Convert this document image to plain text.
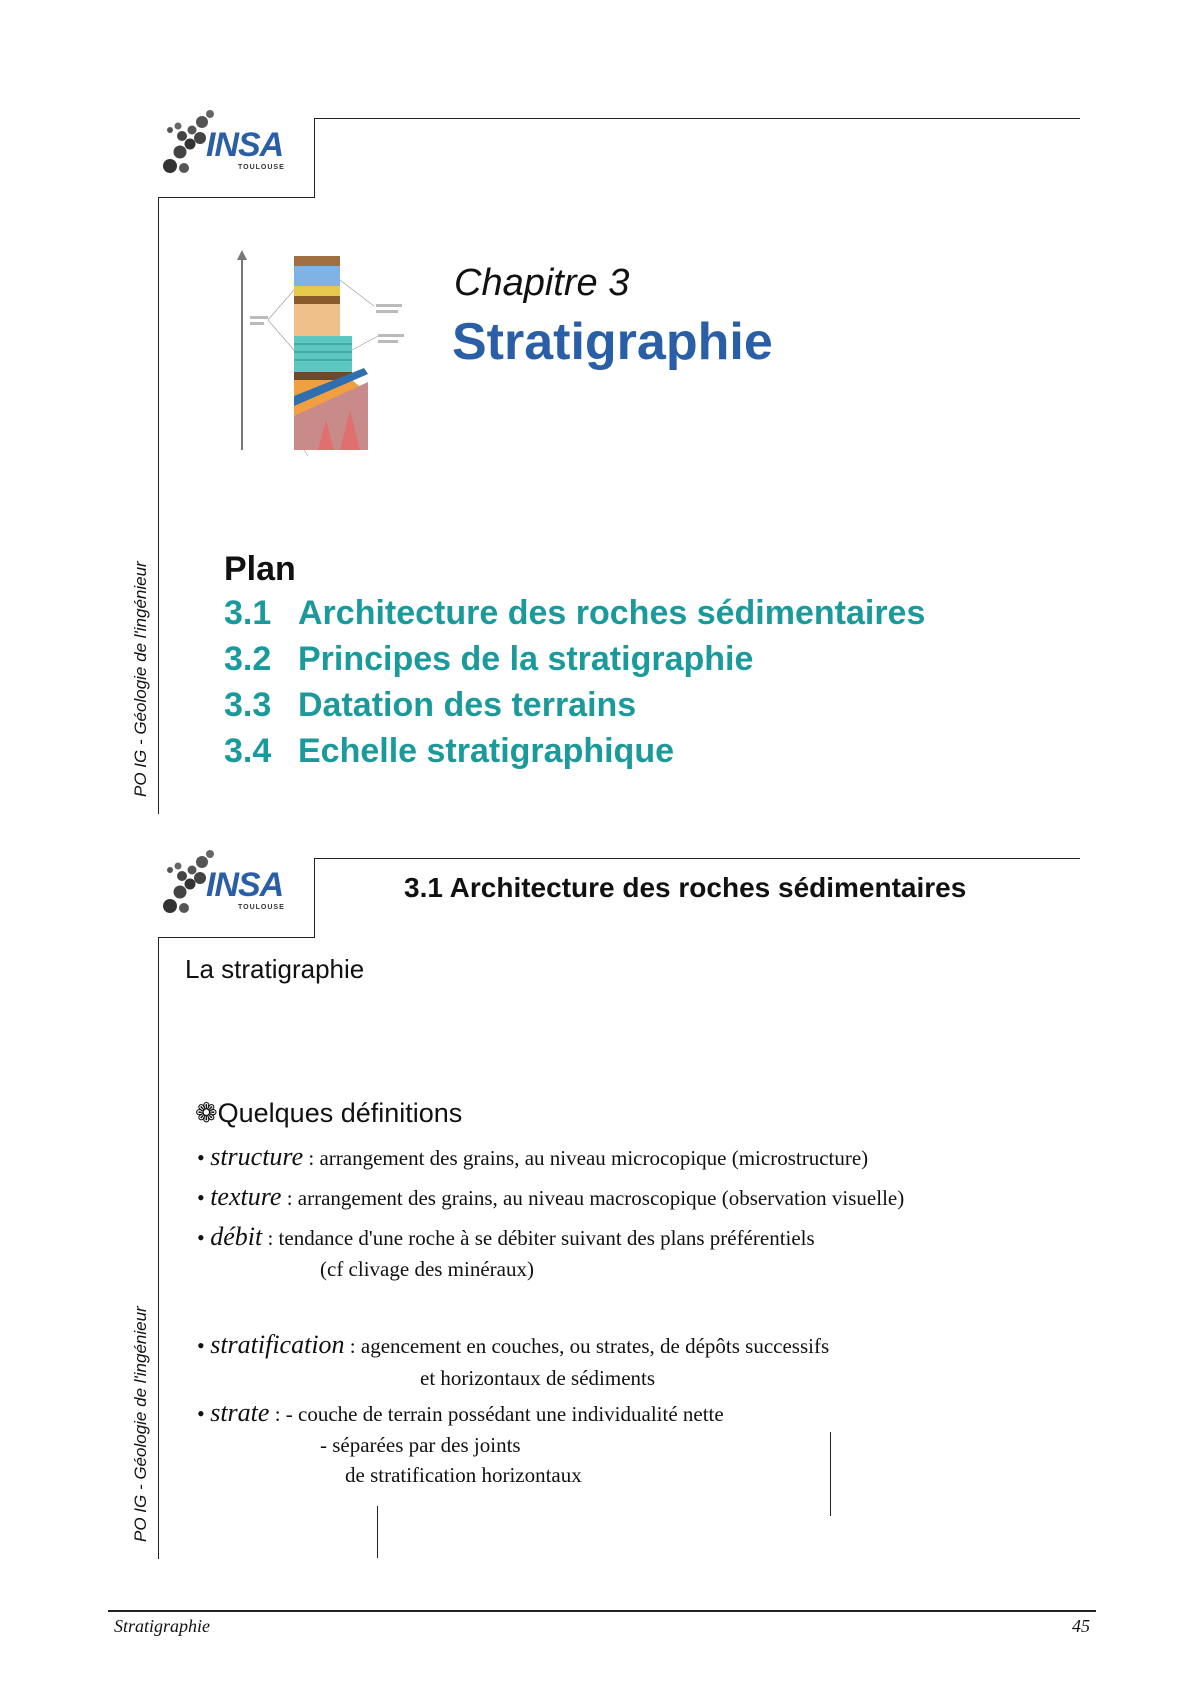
INSA
TOULOUSE
Chapitre 3
Stratigraphie
PO IG - Géologie de l'ingénieur Plan
3.1 Architecture des roches sédimentaires
3.2 Principes de la stratigraphie
3.3 Datation des terrains
3.4 Echelle stratigraphique
INSA
TOULOUSE
3.1 Architecture des roches sédimentaires
La stratigraphie
PO IG - Géologie de l'ingénieur
❁Quelques définitions
• structure : arrangement des grains, au niveau microcopique (microstructure)
• texture : arrangement des grains, au niveau macroscopique (observation visuelle)
• débit : tendance d'une roche à se débiter suivant des plans préférentiels
(cf clivage des minéraux)
• stratification : agencement en couches, ou strates, de dépôts successifs
et horizontaux de sédiments
• strate : - couche de terrain possédant une individualité nette
- séparées par des joints
de stratification horizontaux
Stratigraphie	45
